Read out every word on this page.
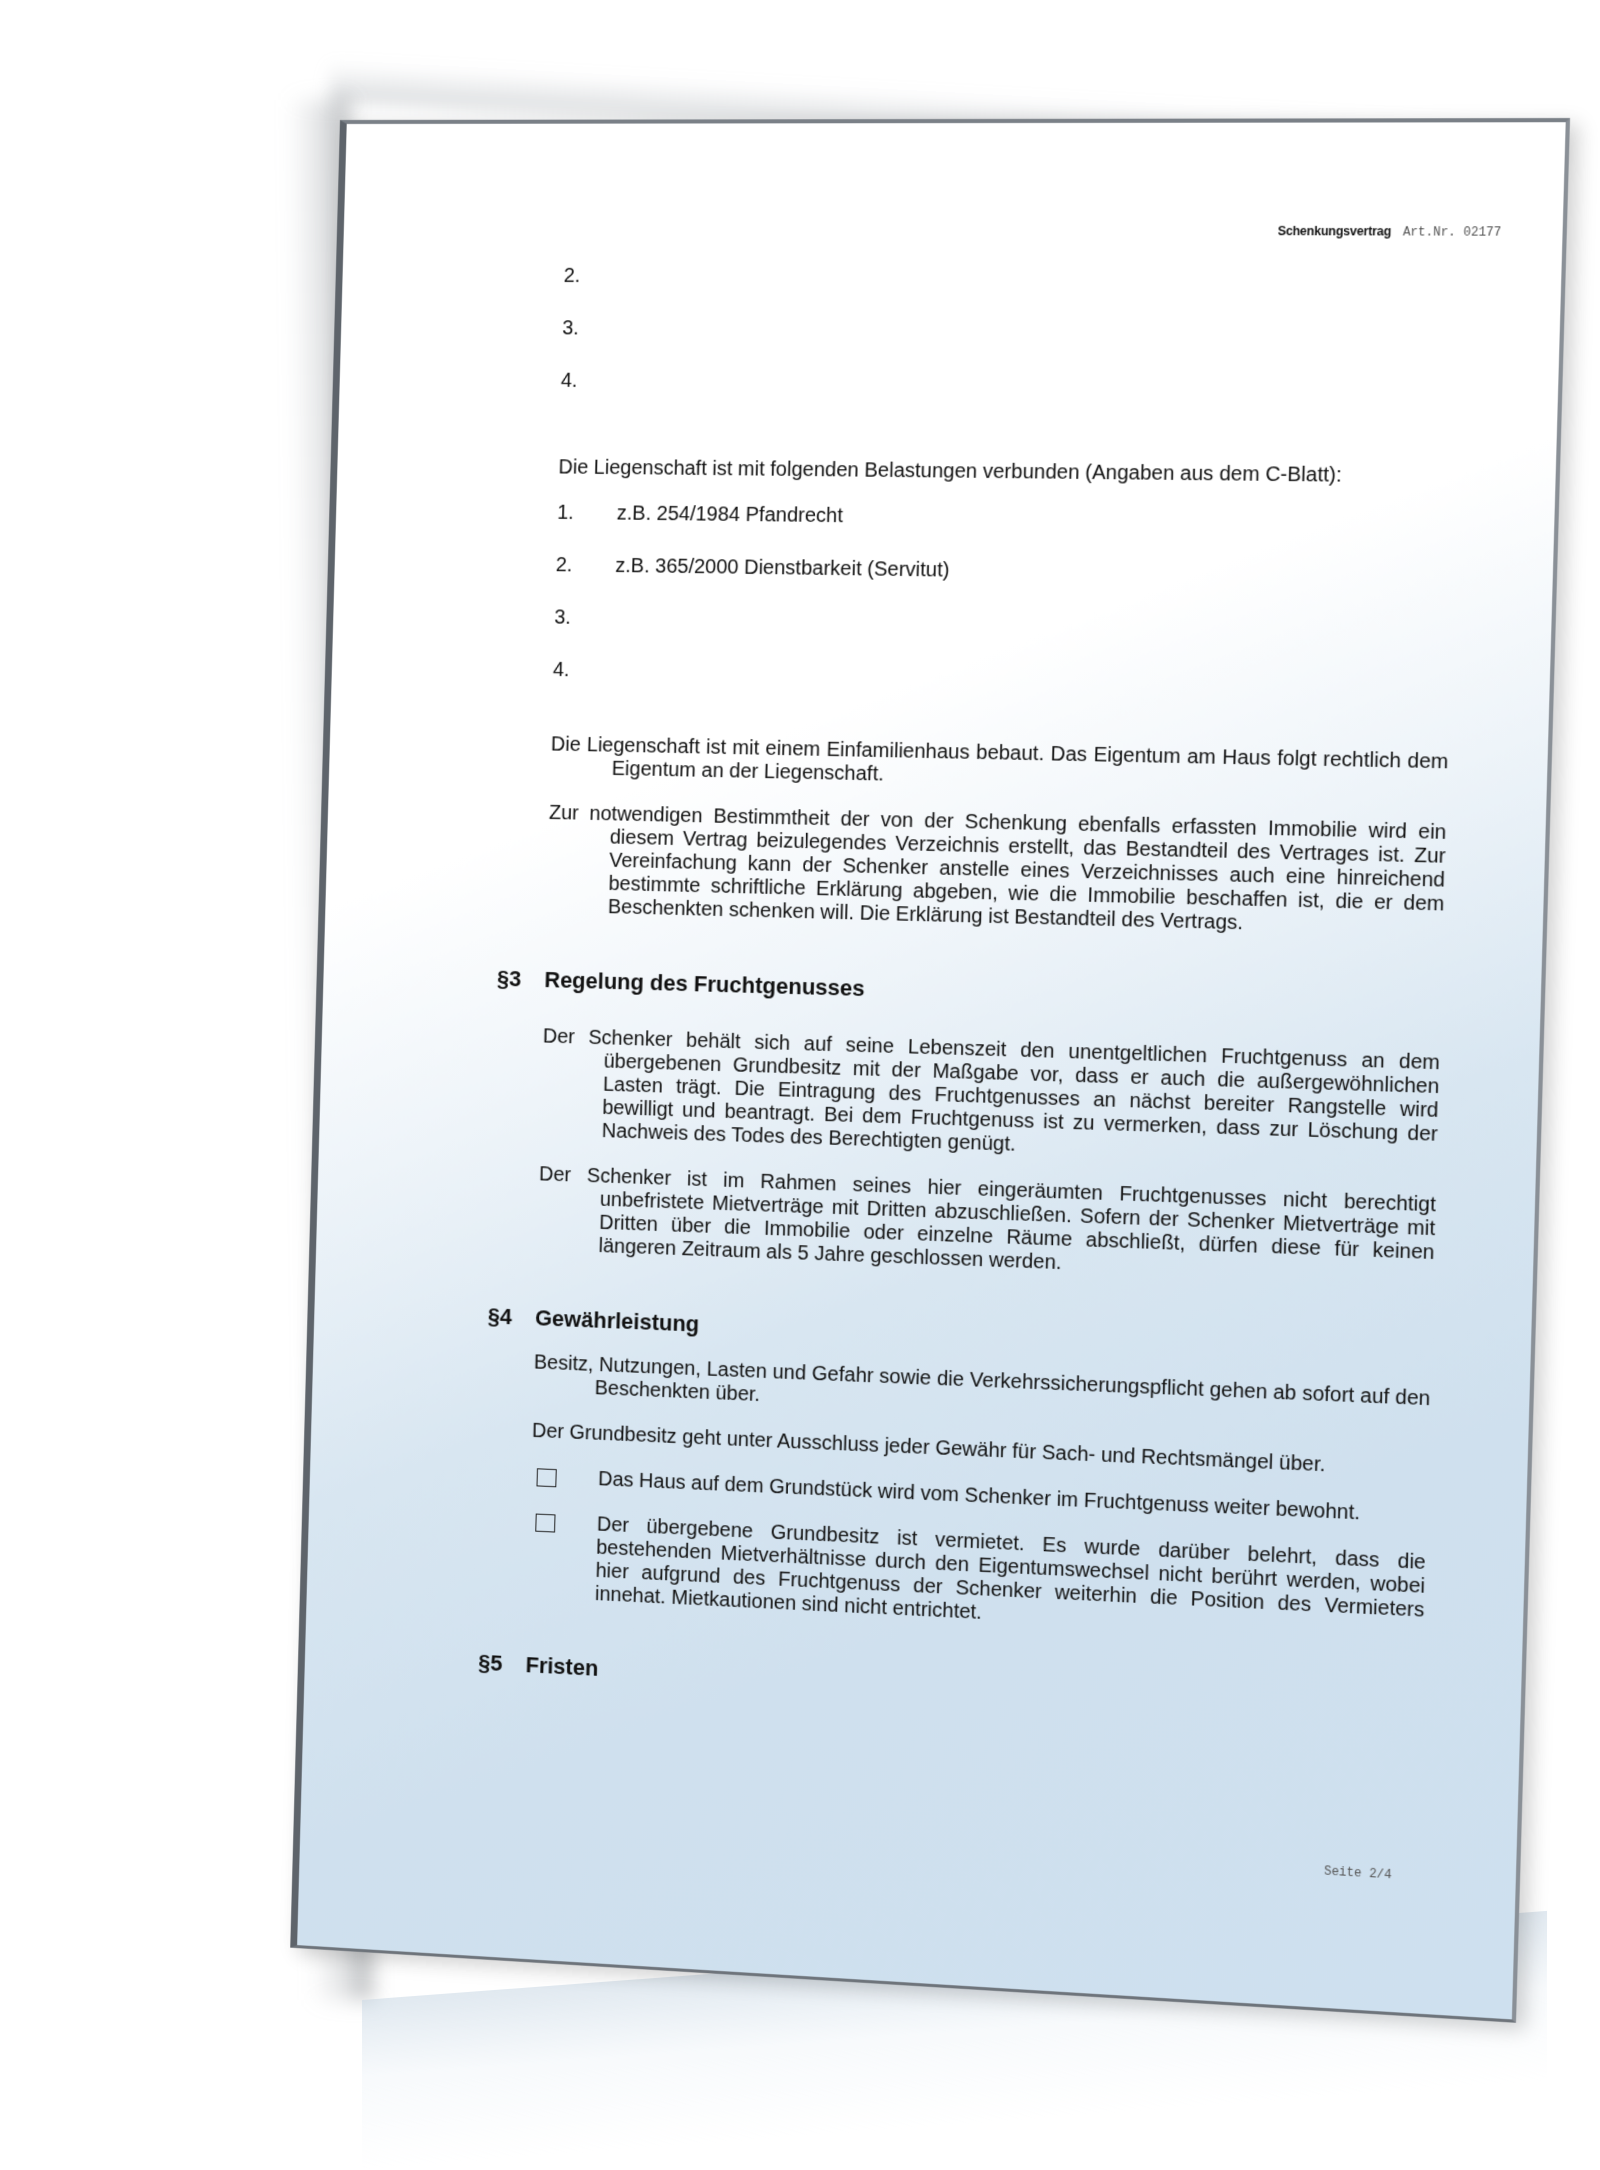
Schenkungsvertrag Art.Nr. 02177
2.
3.
4.

Die Liegenschaft ist mit folgenden Belastungen verbunden (Angaben aus dem C-Blatt):

1.	z.B. 254/1984 Pfandrecht
2.	z.B. 365/2000 Dienstbarkeit (Servitut)
3.
4.

Die Liegenschaft ist mit einem Einfamilienhaus bebaut. Das Eigentum am Haus folgt rechtlich dem Eigentum an der Liegenschaft.

Zur notwendigen Bestimmtheit der von der Schenkung ebenfalls erfassten Immobilie wird ein diesem Vertrag beizulegendes Verzeichnis erstellt, das Bestandteil des Vertrages ist. Zur Vereinfachung kann der Schenker anstelle eines Verzeichnisses auch eine hinreichend bestimmte schriftliche Erklärung abgeben, wie die Immobilie beschaffen ist, die er dem Beschenkten schenken will. Die Erklärung ist Bestandteil des Vertrags.

§3	Regelung des Fruchtgenusses

Der Schenker behält sich auf seine Lebenszeit den unentgeltlichen Fruchtgenuss an dem übergebenen Grundbesitz mit der Maßgabe vor, dass er auch die außergewöhnlichen Lasten trägt. Die Eintragung des Fruchtgenusses an nächst bereiter Rangstelle wird bewilligt und beantragt. Bei dem Fruchtgenuss ist zu vermerken, dass zur Löschung der Nachweis des Todes des Berechtigten genügt.

Der Schenker ist im Rahmen seines hier eingeräumten Fruchtgenusses nicht berechtigt unbefristete Mietverträge mit Dritten abzuschließen. Sofern der Schenker Mietverträge mit Dritten über die Immobilie oder einzelne Räume abschließt, dürfen diese für keinen längeren Zeitraum als 5 Jahre geschlossen werden.

§4	Gewährleistung

Besitz, Nutzungen, Lasten und Gefahr sowie die Verkehrssicherungspflicht gehen ab sofort auf den Beschenkten über.

Der Grundbesitz geht unter Ausschluss jeder Gewähr für Sach- und Rechtsmängel über.

Das Haus auf dem Grundstück wird vom Schenker im Fruchtgenuss weiter bewohnt.
Der übergebene Grundbesitz ist vermietet. Es wurde darüber belehrt, dass die bestehenden Mietverhältnisse durch den Eigentumswechsel nicht berührt werden, wobei hier aufgrund des Fruchtgenuss der Schenker weiterhin die Position des Vermieters innehat. Mietkautionen sind nicht entrichtet.
§5	Fristen
Seite 2/4
